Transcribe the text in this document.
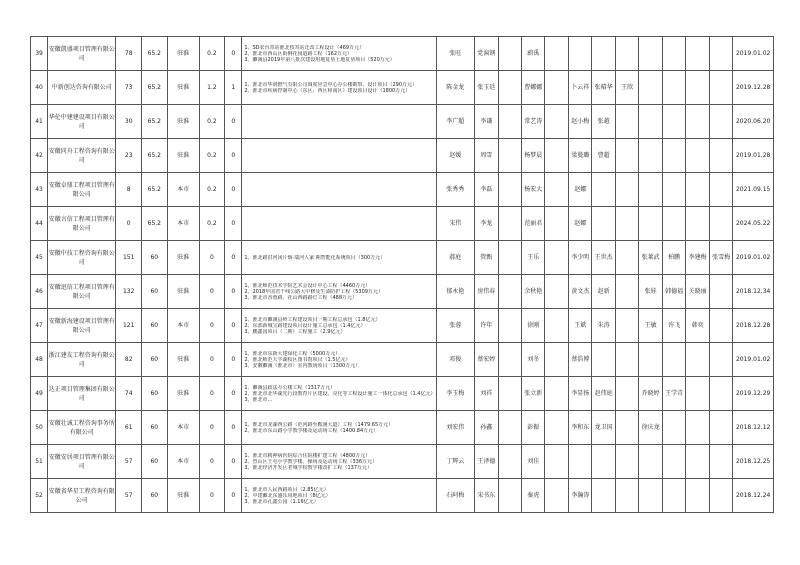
39	安徽凯盛项目管理有限公司	78	65.2	驻淮	0.2	0	1、SD农台寄站淮北枝寄站迁改工程设计（469万元）
2、淮北市西山区街桐花园道路工程（162万元）
3、濉溪县2019年第八批次建设用地复垦土地复垦项目（520万元）	张旺	党演钢		蔚禹									2019.01.02
40	中新创达咨询有限公司	73	65.2	驻淮	1.2	1	1、淮北市华润燃气有限公司调度应急中心办公楼勘察、设计项目（290万元）
2、淮北市疾病控制中心（东区、西区和南区）建设项目设计（1800万元）	陈金龙	张玉廷		曹娜娜		卜云祥	张晴华	王欣					2019.12.28
41	华伦中建建设项目有限公司	30	65.2	驻淮	0.2	0		李广超	李谦		常艺涛		赵小梅	张越						2020.06.20
42	安徽同舟工程咨询有限公司	23	65.2	驻淮	0.2	0		赵媛	周雪		杨梦晨		梁曼璐	曹超						2019.01.28
43	安徽卓鼎工程项目管理有限公司	8	65.2	本市	0.2	0		张秀秀	李磊		杨宏大		赵娜							2021.09.15
44	安徽言信工程项目管理有限公司	0	65.2	本市	0.2	0		宋伟	李龙		范丽君		赵娜							2024.05.22
45	安徽中技工程咨询有限公司	151	60	驻淮	0	0	1、淮北路洪河冈片烟·瑞河人家 期智能化系统项目（300万元）	郝庭	管甄		王乐		李少明	王世杰		张莱武	柏鹏	李建梅	张雪梅	2019.01.02
46	安徽迅信工程项目管理有限公司	132	60	驻淮	0	0	1、淮北师范技术学院艺术会设计中心工程（4460万元）
2、2018年国省干线公路大中修及生命防护工程（5309万元）
3、淮北市香蓉路、花山西路路灯工程（488万元）	郁永艳	房伟春		余秋艳		黄文杰	赵新		张娃	韩德福	关晓丽		2018.12.34
47	安徽新海建设项目管理有限公司	121	60	本市	0	0	1、淮北市濉溪县岭工程建设项目一期工程总承包（1.8亿元）
2、东部新城宝路建设项目设计施工总承包（1.4亿元）
3、鹏鑫国项目（二期）工程施工（2.9亿元）	张蓉	许年		徐刚		王斌	朱涛		王敏	许飞	韩奕		2018.12.28
48	浙江建友工程咨询有限公司	82	60	驻淮	0	0	1、淮北市东新大建绿化工程（5000万元）
2、淮北师范大学湖校区图书馆项目（1.5亿元）
3、安徽濉溪（淮北市）室内教场项目（1300万元）	邓俊	蔡宏婷		刘冬		蔡浩博							2019.01.02
49	达正项目管理集团有限公司	74	60	驻淮	0	0	1、濉溪县政法办公楼工程（1317万元）
2、淮北市北华湖先行段教育片区建设、亮化等工程设计施工一体化总承包（1.4亿元）
3、淮北市…	李玉梅	刘祥		张立新		李显扬	赵伟庭		乔晓婷	王学青			2019.12.29
50	安徽壮诚工程咨询事务所有限公司	61	60	本市	0	0	1、淮北市龙湖西公路（范河路至鞍溪大道）工程（1479.65万元）
2、淮北市东山路小学教学楼及运动场工程（1400.84万元）	刘宏伟	孙鑫		彭振		李和东	龙卫国		徐庆龙				2018.12.12
51	安徽安居项目管理有限公司	57	60	本市	0	0	1、淮北市精神病医院综合住院楼扩建工程（4800万元）
2、烈山区王屯小学教学楼、操场及运动场工程（336万元）
3、淮北经济开发区老城学校教学楼改扩工程（137万元）	丁辉云	王泽德		刘佳									2018.12.25
52	安徽省华星工程咨询有限公司	57	60	驻淮	0	0	1、淮北市人民西路项目（2.85亿元）
2、中建濉北东盛乐用地项目（8亿元）
3、淮北市孔鑫公园（1.16亿元）	石阿梅	宋书东		秦虎		李瀚涛							2018.12.24
